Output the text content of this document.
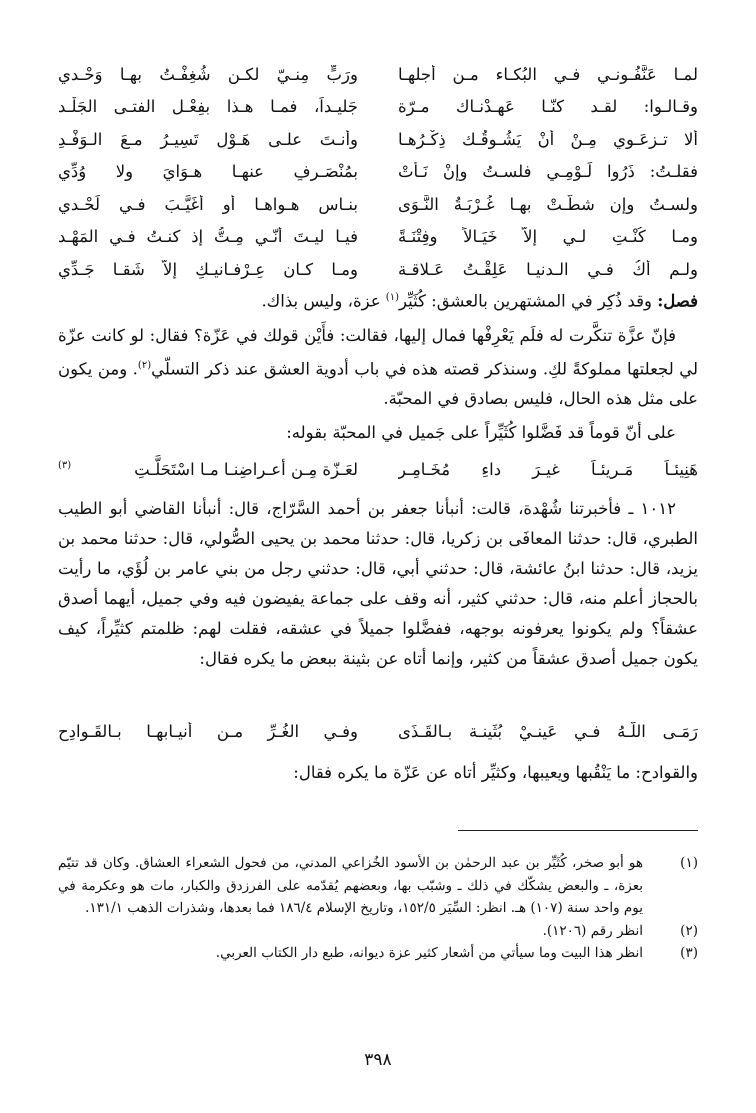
لمـا عَنَّفُـونـي فـي البُكـاء مـن أجلهـا
ورَبٍّ مِنـيّ لكـن شُغِفْـتُ بهـا وَحْـدي
وقـالـوا: لقـد كنّـا عَهِـدْنـاك مـرّة
جَليـداً، فمـا هـذا بفِعْـل الفتـى الجَلْـد
ألا تـزعَـوي مِـنْ أنْ يَشُـوقُـك ذِكْـرُهـا
وأنـتَ علـى هَـوْلٍ تَسِيـرُ مـعَ الـوَفْـدِ
فقلـتُ: ذَرُوا لَـوْمِـي فلسـتُ وإنْ نَـأتْ
بمُنْصَـرِفٍ عنهـا هـوَايَ ولا وُدِّي
ولسـتُ وإن شطَّـتْ بهـا غُـرْبَـةُ النَّـوَى
بنـاسٍ هـواهـا أو أُغَيَّـبَ فـي لَحْـدي
ومـا كُنْـتِ لـي إلاّ خَيَـالاً وفِتْنَـةً
فيـا ليـتَ أنّـي مِـتُّ إذ كنـتُ فـي المَهْـد
ولـم أكُ فـي الـدنيـا عَلِقْـتُ عَـلاقـة
ومـا كـان عِـرْفـانيـكِ إلاّ شَقـا جَـدِّي

فصل: وقد ذُكِر في المشتهرين بالعشق: كُثَيِّر$^{(١)}$ عزة، وليس بذاك.

فإنّ عزَّة تنكَّرت له فلَم يَعْرِفْها فمال إليها، فقالت: فأَيْن قولك في عَزّة؟ فقال: لو كانت عزّة لي لجعلتها مملوكةً لكِ. وسنذكر قصته هذه في باب أدوية العشق عند ذكر التسلّي$^{(٢)}$. ومن يكون على مثل هذه الحال، فليس بصادق في المحبّة.

على أنّ قوماً قد فَضَّلوا كُثَيِّراً على جَميل في المحبّة بقوله:

هَنِيئـاً مَـرِيئـاً غيـرَ داءِ مُخَـامِـرٍ
لعَـزّة مِـن أعـراضِنـا مـا اسْتَحَلَّـتِ
(٣)

١٠١٢ ـ فأخبرتنا شُهْدة، قالت: أنبأنا جعفر بن أحمد السَّرّاج، قال: أنبأنا القاضي أبو الطيب الطبري، قال: حدثنا المعافَى بن زكريا، قال: حدثنا محمد بن يحيى الصُّولي، قال: حدثنا محمد بن يزيد، قال: حدثنا ابنُ عائشة، قال: حدثني أبي، قال: حدثني رجل من بني عامر بن لُؤَي، ما رأيت بالحجاز أعلم منه، قال: حدثني كثير، أنه وقف على جماعة يفيضون فيه وفي جميل، أيهما أصدق عشقاً؟ ولم يكونوا يعرفونه بوجهه، ففضَّلوا جميلاً في عشقه، فقلت لهم: ظلمتم كثيِّراً، كيف يكون جميل أصدق عشقاً من كثير، وإنما أتاه عن بثينة ببعض ما يكره فقال:

رَمَـى اللَّـهُ فـي عَينـيْ بُثَينـة بـالقَـذَى
وفـي الغُـرِّ مـن أنيـابهـا بـالقَـوادِح

والقوادح: ما يَنْقُبها ويعيبها، وكثيِّر أتاه عن عَزّة ما يكره فقال:

(١)
هو أبو صخر، كُثَيِّر بن عبد الرحمٰن بن الأسود الخُزاعي المدني، من فحول الشعراء العشاق. وكان قد تتيّم بعزة، ـ والبعض يشكّك في ذلك ـ وشبّب بها، وبعضهم يُقدّمه على الفرزدق والكبار، مات هو وعكرمة في يوم واحد سنة (١٠٧) هـ. انظر: السِّيَر ١٥٢/٥، وتاريخ الإسلام ١٨٦/٤ فما بعدها، وشذرات الذهب ١٣١/١.
(٢)
انظر رقم (١٢٠٦).
(٣)
انظر هذا البيت وما سيأتي من أشعار كثير عزة ديوانه، طبع دار الكتاب العربي.
٣٩٨
